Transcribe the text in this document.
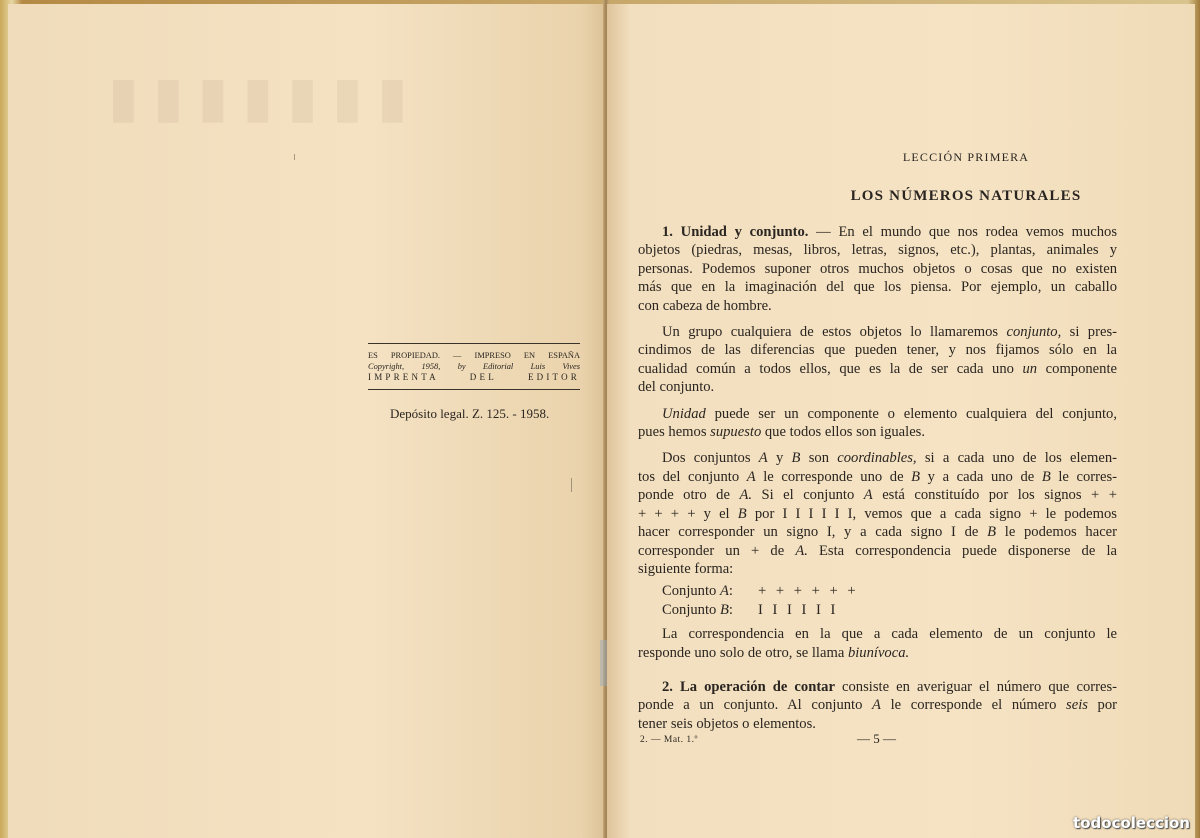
▮▮▮▮▮▮▮
ES PROPIEDAD. — IMPRESO EN ESPAÑA
Copyright, 1958, by Editorial Luis Vives
IMPRENTA DEL EDITOR
Depósito legal. Z. 125. - 1958.
LECCIÓN PRIMERA
LOS NÚMEROS NATURALES

1. Unidad y conjunto. — En el mundo que nos rodea vemos muchos
objetos (piedras, mesas, libros, letras, signos, etc.), plantas, animales y
personas. Podemos suponer otros muchos objetos o cosas que no existen
más que en la imaginación del que los piensa. Por ejemplo, un caballo
con cabeza de hombre.

Un grupo cualquiera de estos objetos lo llamaremos conjunto, si pres-
cindimos de las diferencias que pueden tener, y nos fijamos sólo en la
cualidad común a todos ellos, que es la de ser cada uno un componente
del conjunto.

Unidad puede ser un componente o elemento cualquiera del conjunto,
pues hemos supuesto que todos ellos son iguales.

Dos conjuntos A y B son coordinables, si a cada uno de los elemen-
tos del conjunto A le corresponde uno de B y a cada uno de B le corres-
ponde otro de A. Si el conjunto A está constituído por los signos + +
+ + + + y el B por I I I I I I, vemos que a cada signo + le podemos
hacer corresponder un signo I, y a cada signo I de B le podemos hacer
corresponder un + de A. Esta correspondencia puede disponerse de la
siguiente forma:

Conjunto A:	+ + + + + +
Conjunto B:	I I I I I I

La correspondencia en la que a cada elemento de un conjunto le
responde uno solo de otro, se llama biunívoca.

2. La operación de contar consiste en averiguar el número que corres-
ponde a un conjunto. Al conjunto A le corresponde el número seis por
tener seis objetos o elementos.

2. — Mat. 1.º	— 5 —
todocoleccion
